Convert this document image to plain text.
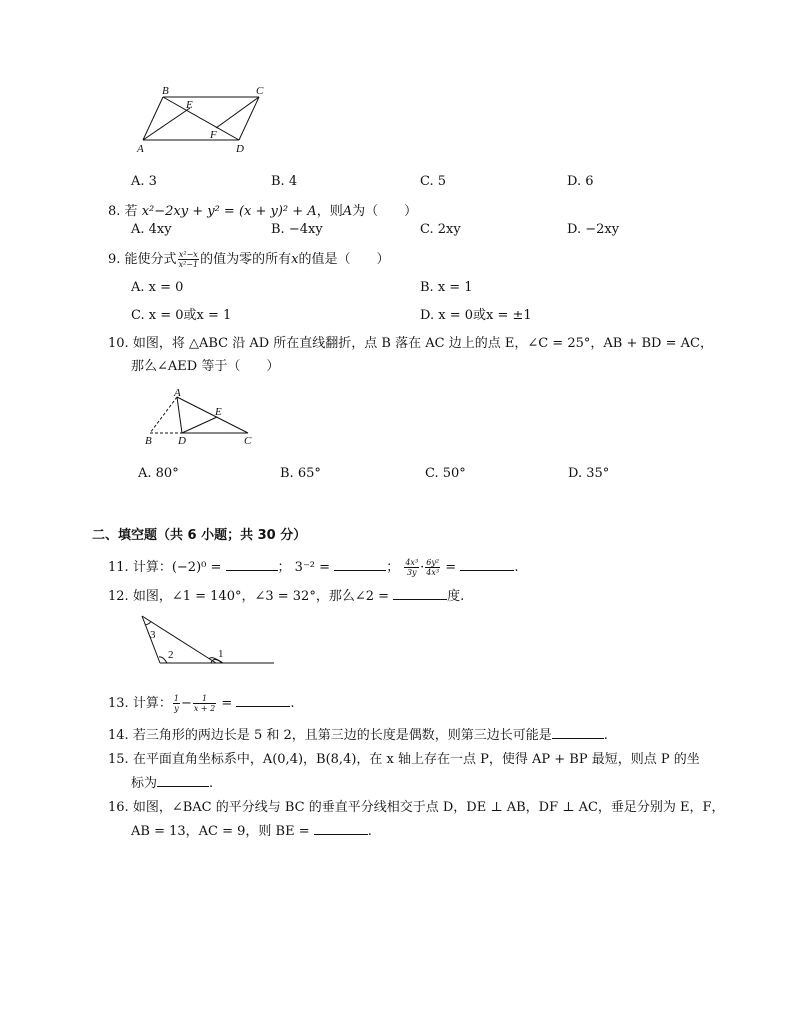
B	C
E
F
A	D
A. 3	B. 4	C. 5	D. 6
8. 若 x²−2xy + y² = (x + y)² + A，则A为（　　）
A. 4xy	B. −4xy	C. 2xy	D. −2xy
9. 能使分式 $\frac{\text{x²−x}}{\text{x²−1}}$ 的值为零的所有x的值是（　　）
A. x = 0	B. x = 1
C. x = 0或x = 1	D. x = 0或x = ±1
10. 如图，将 △ABC 沿 AD 所在直线翻折，点 B 落在 AC 边上的点 E，∠C = 25°，AB + BD = AC，
那么∠AED 等于（　　）
A
E
B D	C
A. 80°	B. 65°	C. 50°	D. 35°
二、填空题（共 6 小题；共 30 分）
11. 计算：(−2)⁰ =	； 3⁻² =	； $\frac{\text{4x³}}{3y} \cdot \frac{\text{6y²}}{\text{4x³}}$ =	.
12. 如图，∠1 = 140°，∠3 = 32°，那么∠2 =	度.
3
2	1
13. 计算： $\frac{1}{y} - \frac{1}{x + 2}$ =	.
14. 若三角形的两边长是 5 和 2，且第三边的长度是偶数，则第三边长可能是	.
15. 在平面直角坐标系中，A(0,4)，B(8,4)，在 x 轴上存在一点 P，使得 AP + BP 最短，则点 P 的坐
标为	.
16. 如图，∠BAC 的平分线与 BC 的垂直平分线相交于点 D，DE ⊥ AB，DF ⊥ AC，垂足分别为 E，F，
AB = 13，AC = 9，则 BE =	.
